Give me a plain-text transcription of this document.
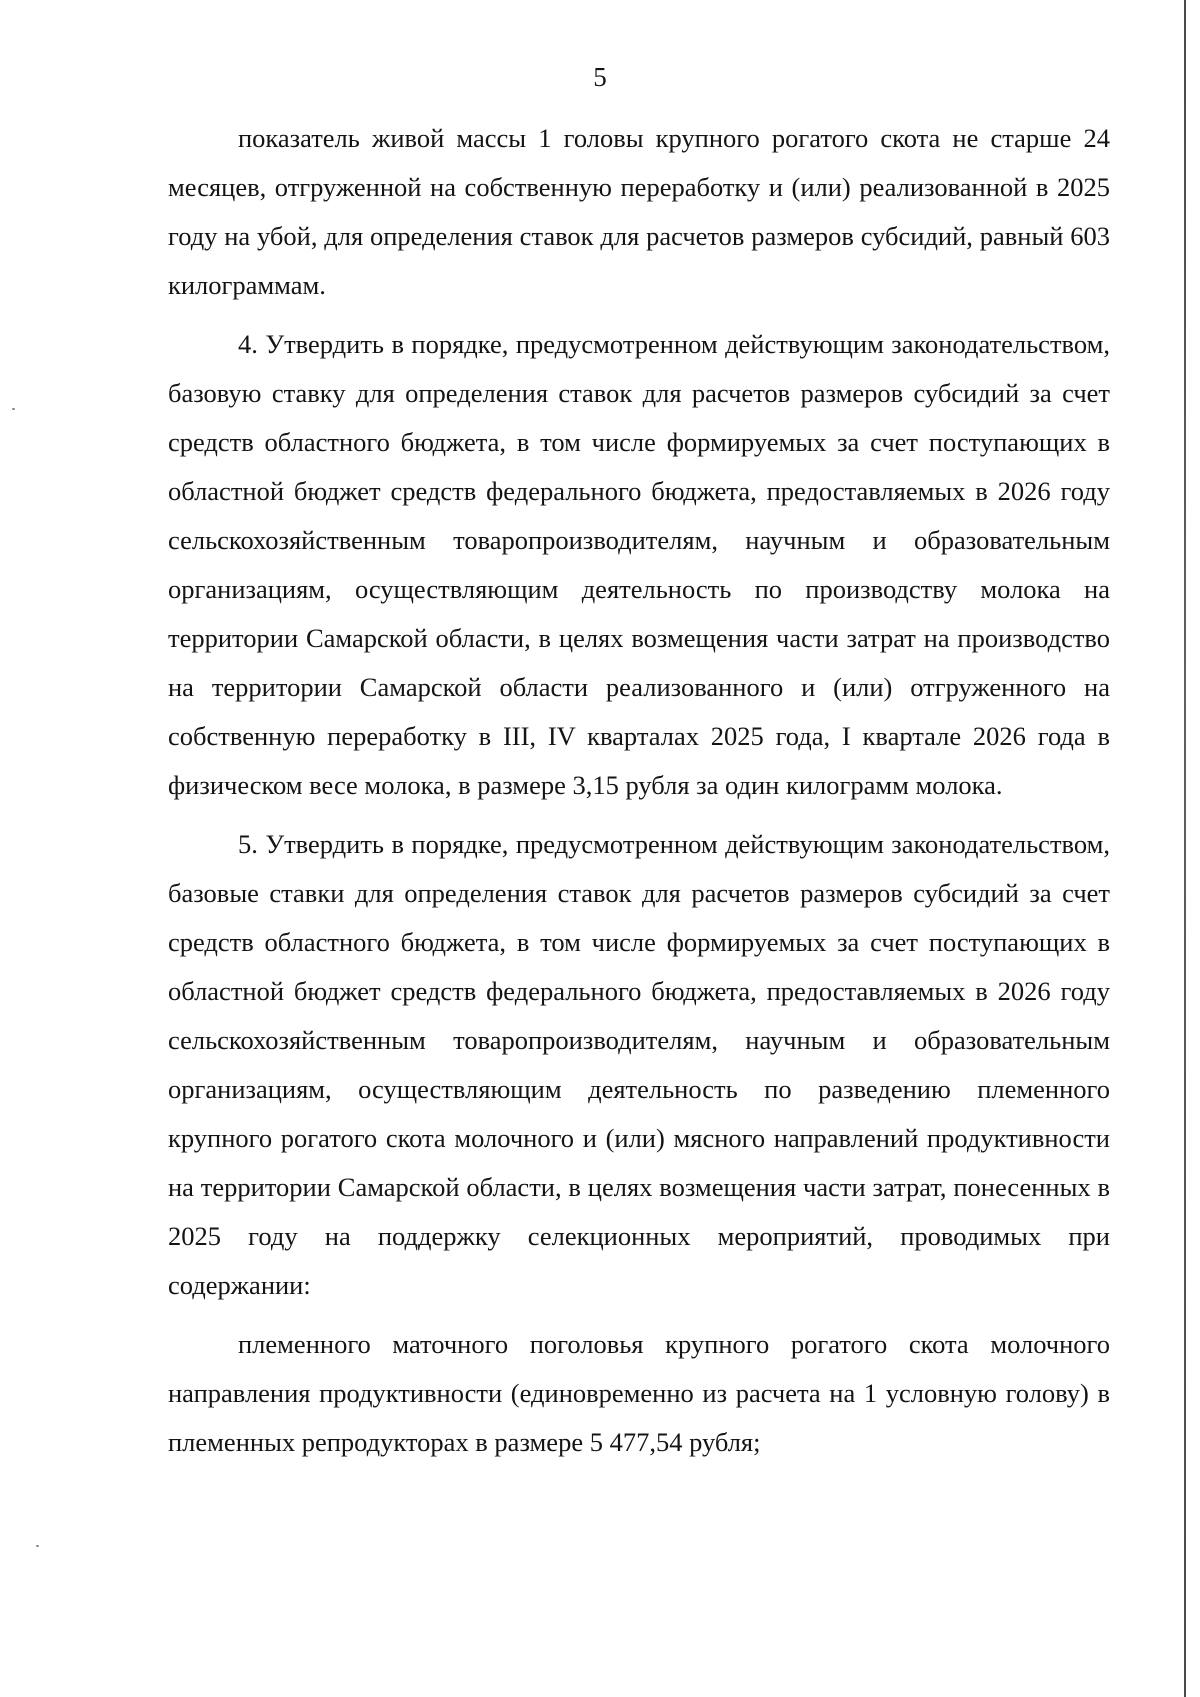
5

показатель живой массы 1 головы крупного рогатого скота не старше 24 месяцев, отгруженной на собственную переработку и (или) реализованной в 2025 году на убой, для определения ставок для расчетов размеров субсидий, равный 603 килограммам.

4. Утвердить в порядке, предусмотренном действующим законодательством, базовую ставку для определения ставок для расчетов размеров субсидий за счет средств областного бюджета, в том числе формируемых за счет поступающих в областной бюджет средств федерального бюджета, предоставляемых в 2026 году сельскохозяйственным товаропроизводителям, научным и образовательным организациям, осуществляющим деятельность по производству молока на территории Самарской области, в целях возмещения части затрат на производство на территории Самарской области реализованного и (или) отгруженного на собственную переработку в III, IV кварталах 2025 года, I квартале 2026 года в физическом весе молока, в размере 3,15 рубля за один килограмм молока.

5. Утвердить в порядке, предусмотренном действующим законодательством, базовые ставки для определения ставок для расчетов размеров субсидий за счет средств областного бюджета, в том числе формируемых за счет поступающих в областной бюджет средств федерального бюджета, предоставляемых в 2026 году сельскохозяйственным товаропроизводителям, научным и образовательным организациям, осуществляющим деятельность по разведению племенного крупного рогатого скота молочного и (или) мясного направлений продуктивности на территории Самарской области, в целях возмещения части затрат, понесенных в 2025 году на поддержку селекционных мероприятий, проводимых при содержании:

племенного маточного поголовья крупного рогатого скота молочного направления продуктивности (единовременно из расчета на 1 условную голову) в племенных репродукторах в размере 5 477,54 рубля;
